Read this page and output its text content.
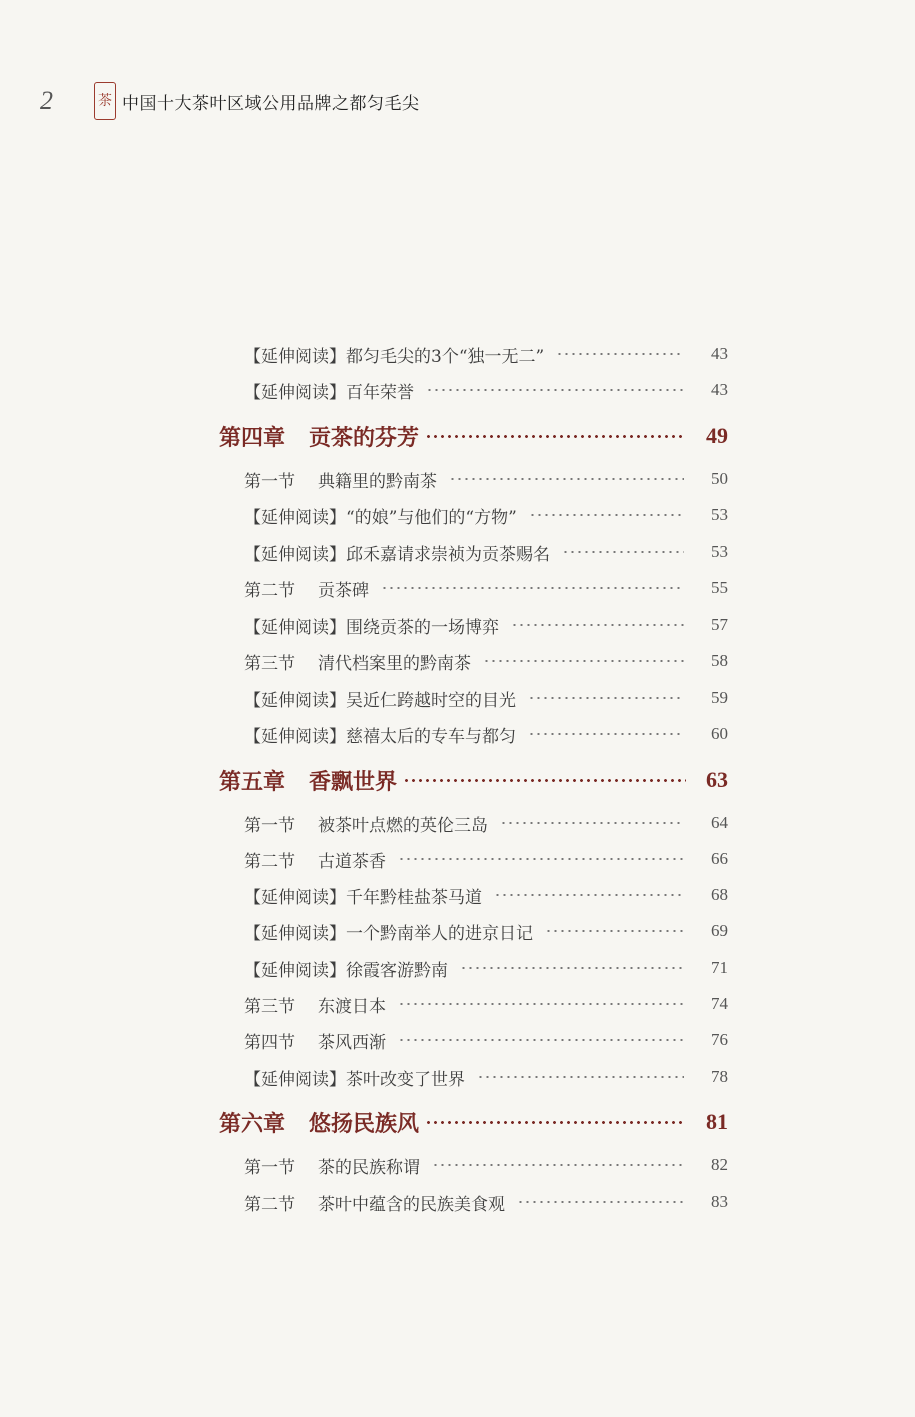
2	茶 中国十大茶叶区域公用品牌之都匀毛尖
【延伸阅读】都匀毛尖的3个“独一无二”	43
【延伸阅读】百年荣誉	43
第四章 贡茶的芬芳	49
第一节 典籍里的黔南茶	50
【延伸阅读】“的娘”与他们的“方物”	53
【延伸阅读】邱禾嘉请求崇祯为贡茶赐名	53
第二节 贡茶碑	55
【延伸阅读】围绕贡茶的一场博弈	57
第三节 清代档案里的黔南茶	58
【延伸阅读】吴近仁跨越时空的目光	59
【延伸阅读】慈禧太后的专车与都匀	60
第五章 香飘世界	63
第一节 被茶叶点燃的英伦三岛	64
第二节 古道茶香	66
【延伸阅读】千年黔桂盐茶马道	68
【延伸阅读】一个黔南举人的进京日记	69
【延伸阅读】徐霞客游黔南	71
第三节 东渡日本	74
第四节 茶风西渐	76
【延伸阅读】茶叶改变了世界	78
第六章 悠扬民族风	81
第一节 茶的民族称谓	82
第二节 茶叶中蕴含的民族美食观	83
